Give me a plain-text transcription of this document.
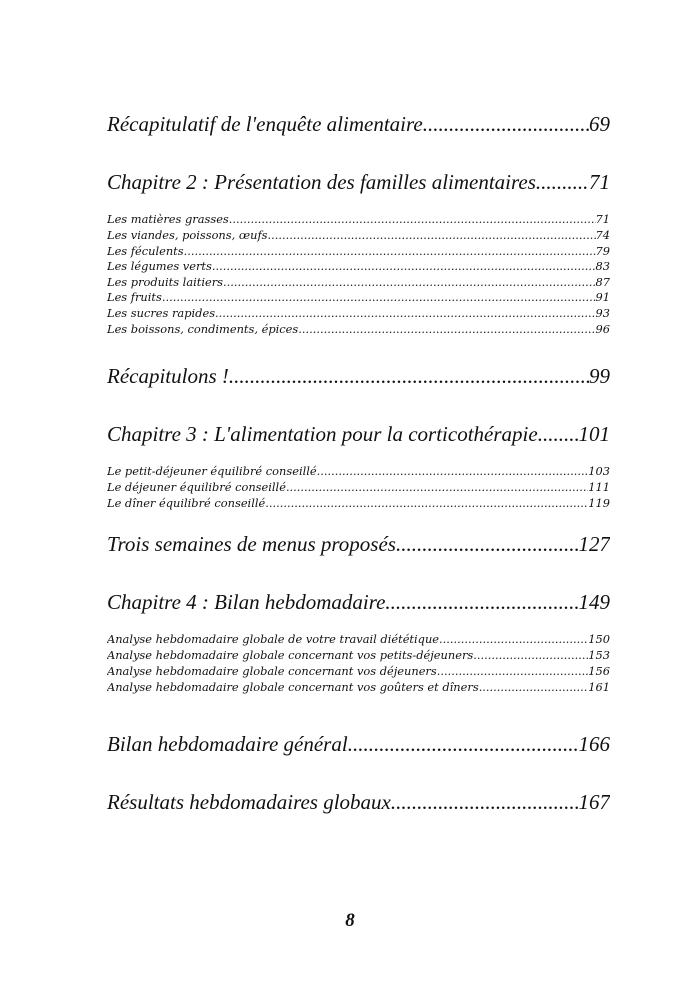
Récapitulatif de l'enquête alimentaire .....	69
Chapitre 2 : Présentation des familles alimentaires .....	71
Les matières grasses .....	71
Les viandes, poissons, œufs .....	74
Les féculents .....	79
Les légumes verts .....	83
Les produits laitiers .....	87
Les fruits .....	91
Les sucres rapides .....	93
Les boissons, condiments, épices .....	96
Récapitulons ! .....	99
Chapitre 3 : L'alimentation pour la corticothérapie ..... 101
Le petit-déjeuner équilibré conseillé .....	103
Le déjeuner équilibré conseillé .....	111
Le dîner équilibré conseillé .....	119
Trois semaines de menus proposés .....	127
Chapitre 4 : Bilan hebdomadaire .....	149
Analyse hebdomadaire globale de votre travail diététique .....	150
Analyse hebdomadaire globale concernant vos petits-déjeuners .....	153
Analyse hebdomadaire globale concernant vos déjeuners .....	156
Analyse hebdomadaire globale concernant vos goûters et dîners .....	161
Bilan hebdomadaire général .....	166
Résultats hebdomadaires globaux .....	167
8
